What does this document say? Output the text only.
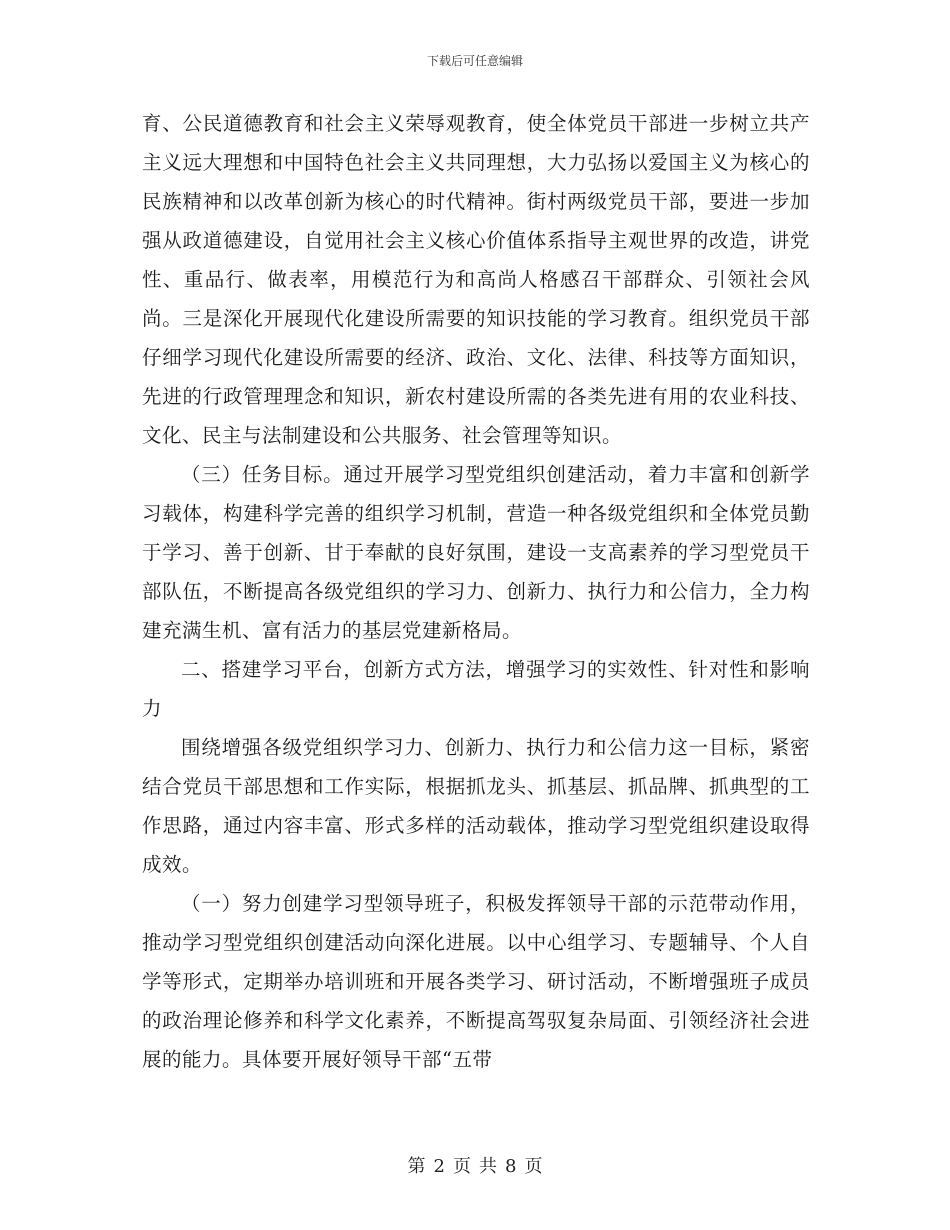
下载后可任意编辑

育、公民道德教育和社会主义荣辱观教育，使全体党员干部进一步树立共产主义远大理想和中国特色社会主义共同理想，大力弘扬以爱国主义为核心的民族精神和以改革创新为核心的时代精神。街村两级党员干部，要进一步加强从政道德建设，自觉用社会主义核心价值体系指导主观世界的改造，讲党性、重品行、做表率，用模范行为和高尚人格感召干部群众、引领社会风尚。三是深化开展现代化建设所需要的知识技能的学习教育。组织党员干部仔细学习现代化建设所需要的经济、政治、文化、法律、科技等方面知识，先进的行政管理理念和知识，新农村建设所需的各类先进有用的农业科技、文化、民主与法制建设和公共服务、社会管理等知识。

（三）任务目标。通过开展学习型党组织创建活动，着力丰富和创新学习载体，构建科学完善的组织学习机制，营造一种各级党组织和全体党员勤于学习、善于创新、甘于奉献的良好氛围，建设一支高素养的学习型党员干部队伍，不断提高各级党组织的学习力、创新力、执行力和公信力，全力构建充满生机、富有活力的基层党建新格局。

二、搭建学习平台，创新方式方法，增强学习的实效性、针对性和影响力

围绕增强各级党组织学习力、创新力、执行力和公信力这一目标，紧密结合党员干部思想和工作实际，根据抓龙头、抓基层、抓品牌、抓典型的工作思路，通过内容丰富、形式多样的活动载体，推动学习型党组织建设取得成效。

（一）努力创建学习型领导班子，积极发挥领导干部的示范带动作用，推动学习型党组织创建活动向深化进展。以中心组学习、专题辅导、个人自学等形式，定期举办培训班和开展各类学习、研讨活动，不断增强班子成员的政治理论修养和科学文化素养，不断提高驾驭复杂局面、引领经济社会进展的能力。具体要开展好领导干部“五带

第 2 页 共 8 页
